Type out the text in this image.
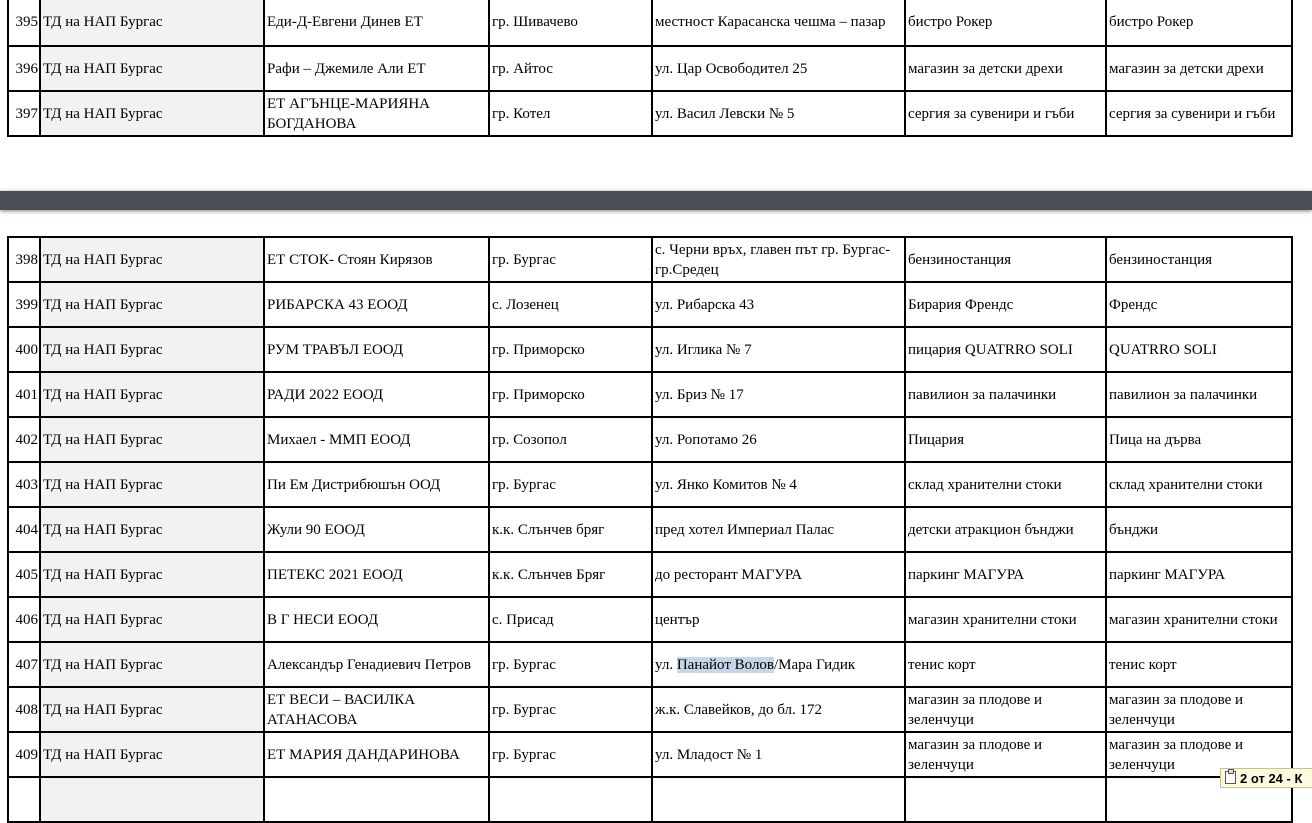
395	ТД на НАП Бургас	Еди-Д-Евгени Динев ЕТ	гр. Шивачево	местност Карасанска чешма – пазар	бистро Рокер	бистро Рокер
396	ТД на НАП Бургас	Рафи – Джемиле Али ЕТ	гр. Айтос	ул. Цар Освободител 25	магазин за детски дрехи	магазин за детски дрехи
397	ТД на НАП Бургас	ЕТ АГЪНЦЕ-МАРИЯНА БОГДАНОВА	гр. Котел	ул. Васил Левски № 5	сергия за сувенири и гъби	сергия за сувенири и гъби
398	ТД на НАП Бургас	ЕТ СТОК- Стоян Кирязов	гр. Бургас	с. Черни връх, главен път гр. Бургас- гр.Средец	бензиностанция	бензиностанция
399	ТД на НАП Бургас	РИБАРСКА 43 ЕООД	с. Лозенец	ул. Рибарска 43	Бирария Френдс	Френдс
400	ТД на НАП Бургас	РУМ ТРАВЪЛ ЕООД	гр. Приморско	ул. Иглика № 7	пицария QUATRRO SOLI	QUATRRO SOLI
401	ТД на НАП Бургас	РАДИ 2022 ЕООД	гр. Приморско	ул. Бриз № 17	павилион за палачинки	павилион за палачинки
402	ТД на НАП Бургас	Михаел - ММП ЕООД	гр. Созопол	ул. Ропотамо 26	Пицария	Пица на дърва
403	ТД на НАП Бургас	Пи Ем Дистрибюшън ООД	гр. Бургас	ул. Янко Комитов № 4	склад хранителни стоки	склад хранителни стоки
404	ТД на НАП Бургас	Жули 90 ЕООД	к.к. Слънчев бряг	пред хотел Империал Палас	детски атракцион бънджи	бънджи
405	ТД на НАП Бургас	ПЕТЕКС 2021 ЕООД	к.к. Слънчев Бряг	до ресторант МАГУРА	паркинг МАГУРА	паркинг МАГУРА
406	ТД на НАП Бургас	В Г НЕСИ ЕООД	с. Присад	център	магазин хранителни стоки	магазин хранителни стоки
407	ТД на НАП Бургас	Александър Генадиевич Петров	гр. Бургас	ул. Панайот Волов/Мара Гидик	тенис корт	тенис корт
408	ТД на НАП Бургас	ЕТ ВЕСИ – ВАСИЛКА АТАНАСОВА	гр. Бургас	ж.к. Славейков, до бл. 172	магазин за плодове и зеленчуци	магазин за плодове и зеленчуци
409	ТД на НАП Бургас	ЕТ МАРИЯ ДАНДАРИНОВА	гр. Бургас	ул. Младост № 1	магазин за плодове и зеленчуци	магазин за плодове и зеленчуци

2 от 24 - К
